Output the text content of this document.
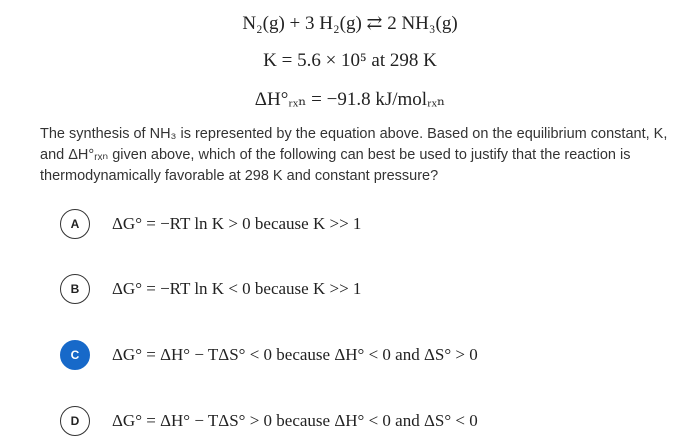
N₂(g) + 3 H₂(g) ⇄ 2 NH₃(g)
K = 5.6 × 10⁵ at 298 K
ΔH°ᵣₓₙ = −91.8 kJ/molᵣₓₙ
The synthesis of NH₃ is represented by the equation above. Based on the equilibrium constant, K, and ΔH°ᵣₓₙ given above, which of the following can best be used to justify that the reaction is thermodynamically favorable at 298 K and constant pressure?
A	ΔG° = −RT ln K > 0 because K >> 1
B	ΔG° = −RT ln K < 0 because K >> 1
C	ΔG° = ΔH° − TΔS° < 0 because ΔH° < 0 and ΔS° > 0
D	ΔG° = ΔH° − TΔS° > 0 because ΔH° < 0 and ΔS° < 0
